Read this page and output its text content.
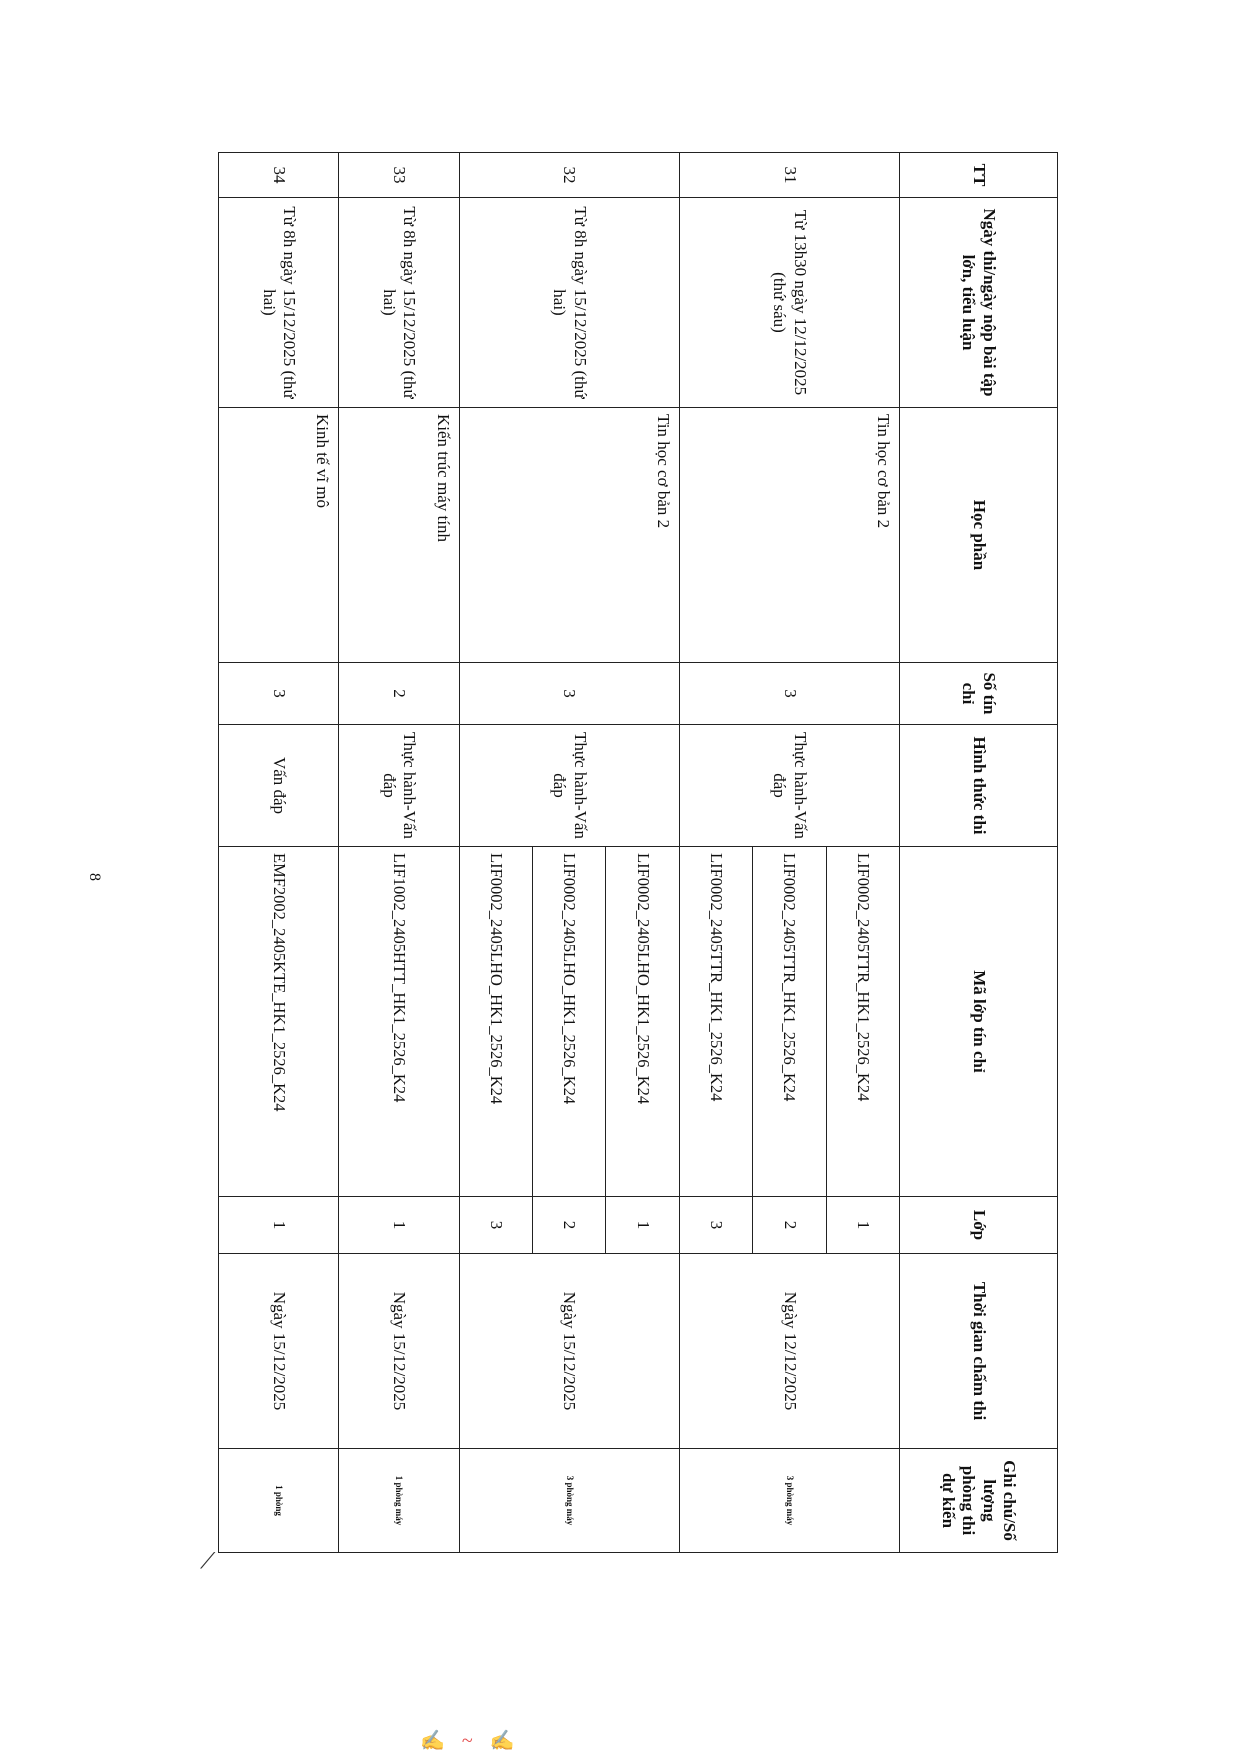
TT	Ngày thi/ngày nộp bài tập lớn, tiểu luận	Học phần	Số tín chỉ	Hình thức thi	Mã lớp tín chỉ	Lớp	Thời gian chấm thi	Ghi chú/Số lượng phòng thi dự kiến
31	Từ 13h30 ngày 12/12/2025 (thứ sáu)	Tin học cơ bản 2	3	Thực hành-Vấn đáp	LIF0002_2405TTR_HK1_2526_K24	1	Ngày 12/12/2025	3 phòng máy
					LIF0002_2405TTR_HK1_2526_K24	2		
					LIF0002_2405TTR_HK1_2526_K24	3		
32	Từ 8h ngày 15/12/2025 (thứ hai)	Tin học cơ bản 2	3	Thực hành-Vấn đáp	LIF0002_2405LHO_HK1_2526_K24	1	Ngày 15/12/2025	3 phòng máy
					LIF0002_2405LHO_HK1_2526_K24	2		
					LIF0002_2405LHO_HK1_2526_K24	3		
33	Từ 8h ngày 15/12/2025 (thứ hai)	Kiến trúc máy tính	2	Thực hành-Vấn đáp	LIF1002_2405HTT_HK1_2526_K24	1	Ngày 15/12/2025	1 phòng máy
34	Từ 8h ngày 15/12/2025 (thứ hai)	Kinh tế vĩ mô	3	Vấn đáp	EMF2002_2405KTE_HK1_2526_K24	1	Ngày 15/12/2025	1 phòng
8
⟋
✍ ~ ✍
